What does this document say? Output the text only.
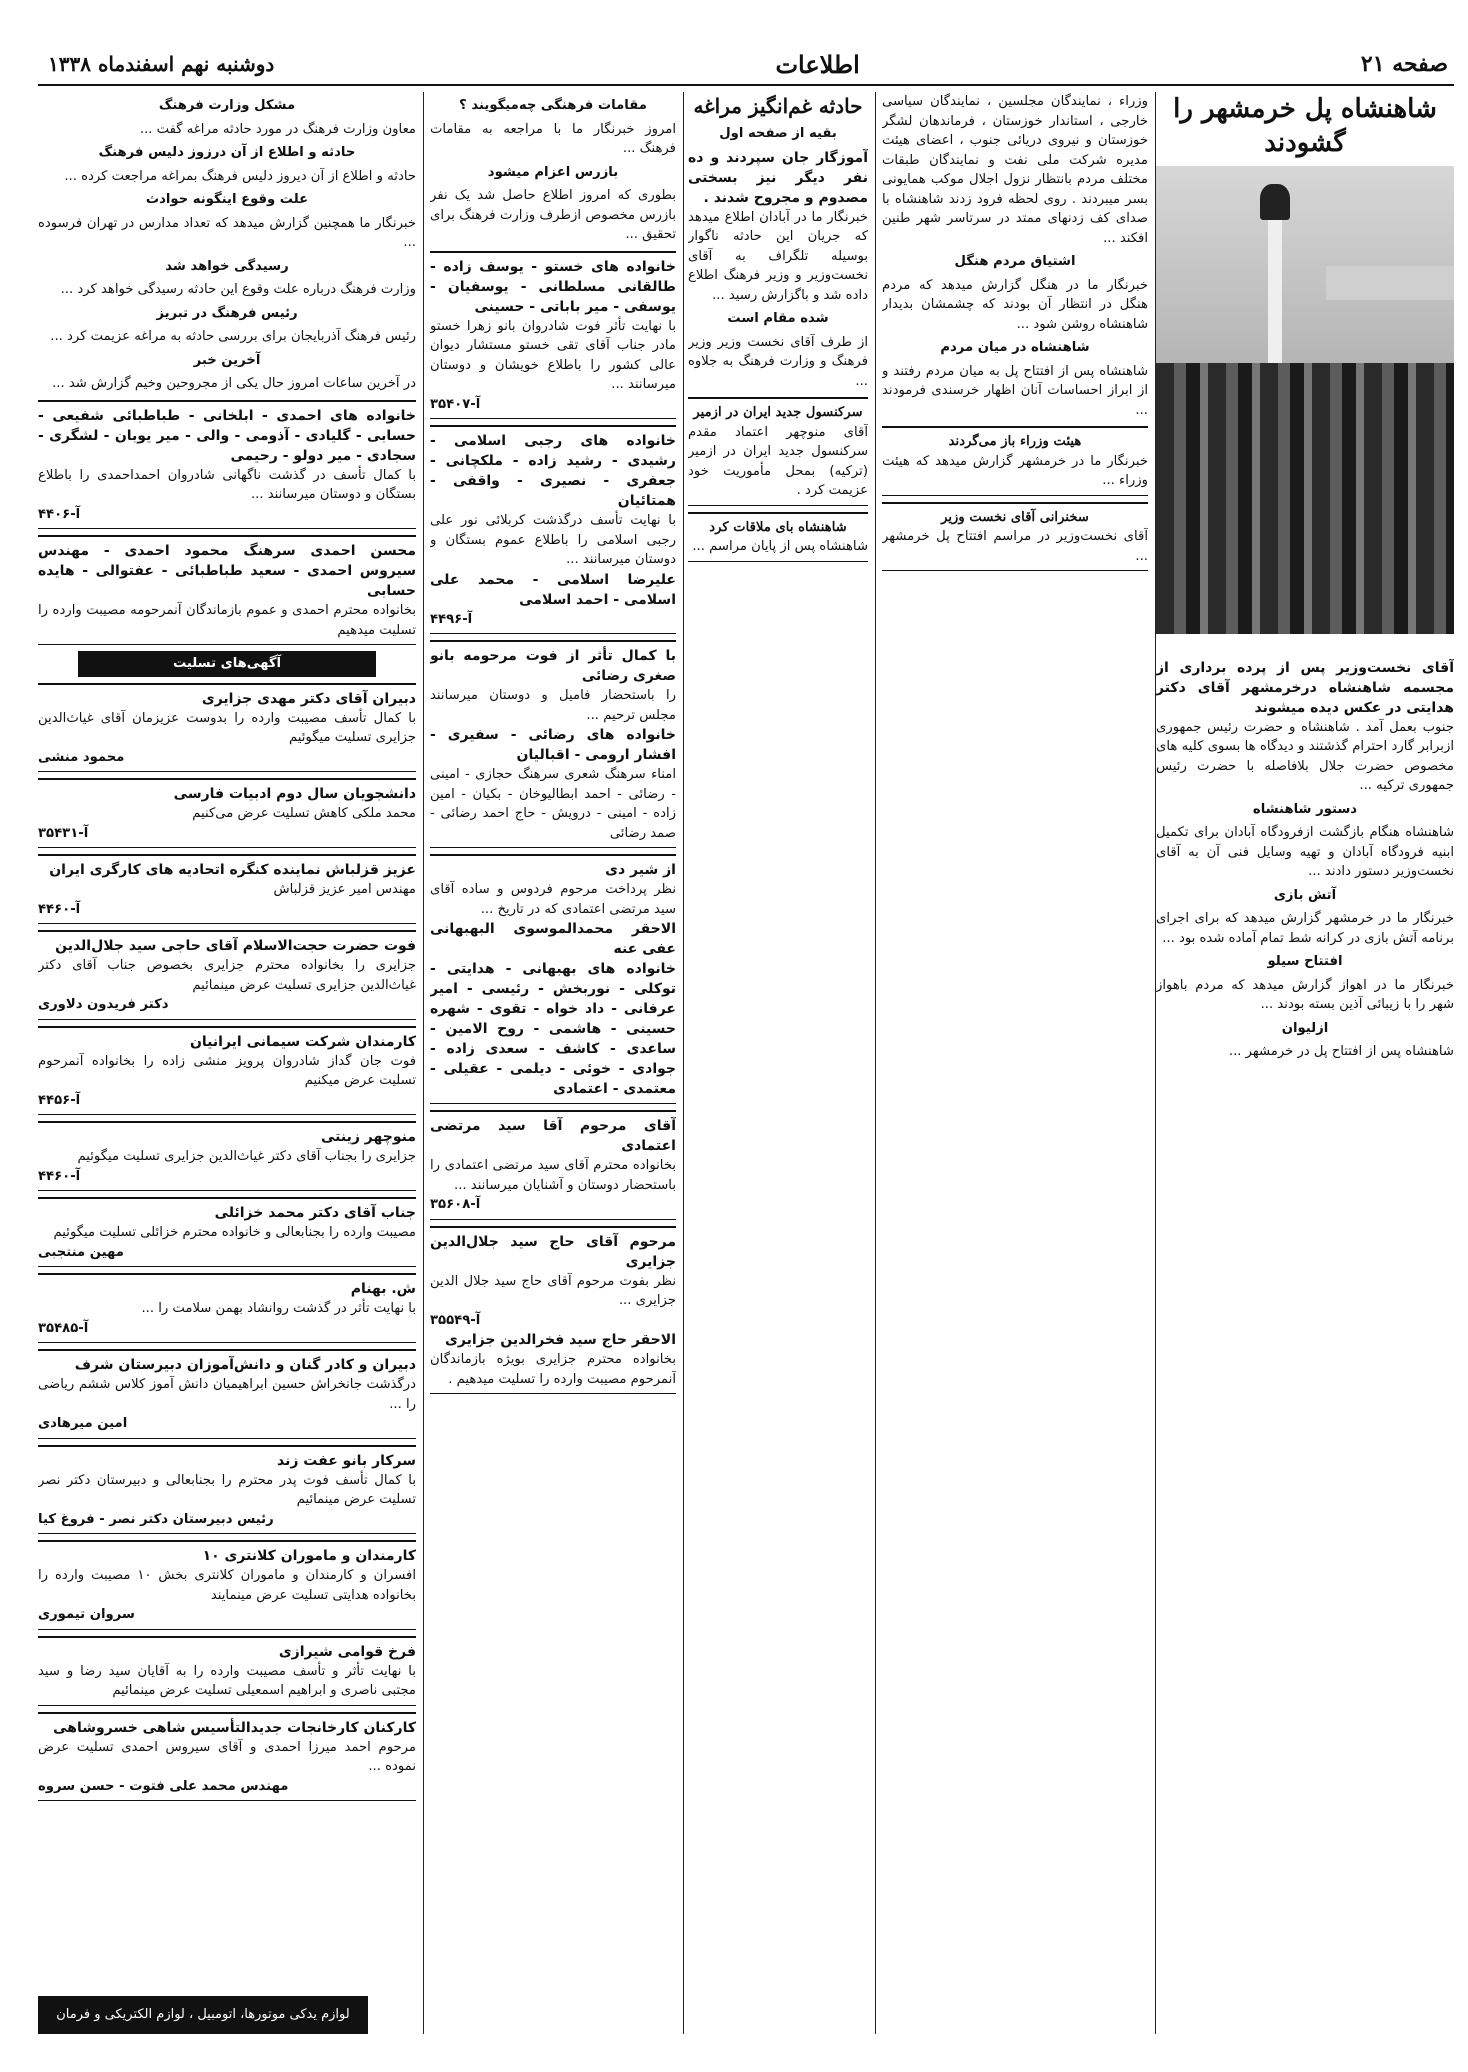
صفحه ۲۱
اطلاعات
دوشنبه نهم اسفندماه ۱۳۳۸
شاهنشاه پل خرمشهر را گشودند
آقای نخست‌وزیر پس از پرده برداری از مجسمه شاهنشاه درخرمشهر آقای دکتر هدایتی در عکس دیده میشوند
جنوب بعمل آمد . شاهنشاه و حضرت رئیس جمهوری ازبرابر گارد احترام گذشتند و دیدگاه ها بسوی کلیه های مخصوص حضرت جلال بلافاصله با حضرت رئیس جمهوری ترکیه ...
دستور شاهنشاه
شاهنشاه هنگام بازگشت ازفرودگاه آبادان برای تکمیل ابنیه فرودگاه آبادان و تهیه وسایل فنی آن به آقای نخست‌وزیر دستور دادند ...
آتش بازی
خبرنگار ما در خرمشهر گزارش میدهد که برای اجرای برنامه آتش بازی در کرانه شط تمام آماده شده بود ...
افتتاح سیلو
خبرنگار ما در اهواز گزارش میدهد که مردم باهواز شهر را با زیبائی آذین بسته بودند ...
ازلیوان
شاهنشاه پس از افتتاح پل در خرمشهر ...
وزراء ، نمایندگان مجلسین ، نمایندگان سیاسی خارجی ، استاندار خوزستان ، فرماندهان لشگر خوزستان و نیروی دریائی جنوب ، اعضای هیئت مدیره شرکت ملی نفت و نمایندگان طبقات مختلف مردم بانتظار نزول اجلال موکب همایونی بسر میبردند . روی لحظه فرود زدند شاهنشاه با صدای کف زدنهای ممتد در سرتاسر شهر طنین افکند ...
اشتیاق مردم هنگل
خبرنگار ما در هنگل گزارش میدهد که مردم هنگل در انتظار آن بودند که چشمشان بدیدار شاهنشاه روشن شود ...
شاهنشاه در میان مردم
شاهنشاه پس از افتتاح پل به میان مردم رفتند و از ابراز احساسات آنان اظهار خرسندی فرمودند ...
هیئت وزراء باز می‌گردند
خبرنگار ما در خرمشهر گزارش میدهد که هیئت وزراء ...
سخنرانی آقای نخست وزیر
آقای نخست‌وزیر در مراسم افتتاح پل خرمشهر ...
حادثه غم‌انگیز مراغه
بقیه از صفحه اول
آموزگار جان سپردند و ده نفر دیگر نیز بسختی مصدوم و مجروح شدند .
خبرنگار ما در آبادان اطلاع میدهد که جریان این حادثه ناگوار بوسیله تلگراف به آقای نخست‌وزیر و وزیر فرهنگ اطلاع داده شد و باگزارش رسید ...
شده مقام است
از طرف آقای نخست وزیر وزیر فرهنگ و وزارت فرهنگ به جلاوه ...
سرکنسول جدید ایران در ازمیر
آقای منوچهر اعتماد مقدم سرکنسول جدید ایران در ازمیر (ترکیه) بمحل مأموریت خود عزیمت کرد .
شاهنشاه بای ملاقات کرد
شاهنشاه پس از پایان مراسم ...
مقامات فرهنگی چه‌میگویند ؟
امروز خبرنگار ما با مراجعه به مقامات فرهنگ ...
بازرس اعزام میشود
بطوری که امروز اطلاع حاصل شد یک نفر بازرس مخصوص ازطرف وزارت فرهنگ برای تحقیق ...
خانواده های خستو - یوسف زاده - طالقانی مسلطانی - یوسفیان - یوسفی - میر باباتی - حسینی
با نهایت تأثر فوت شادروان بانو زهرا خستو مادر جناب آقای تقی خستو مستشار دیوان عالی کشور را باطلاع خویشان و دوستان میرسانند ...
آ-۳۵۴۰۷
خانواده های رجبی اسلامی - رشیدی - رشید زاده - ملکچانی - جعفری - نصیری - واقفی - همتائیان
با نهایت تأسف درگذشت کربلائی نور علی رجبی اسلامی را باطلاع عموم بستگان و دوستان میرسانند ...
علیرضا اسلامی - محمد علی اسلامی - احمد اسلامی
آ-۴۴۹۶
با کمال تأثر از فوت مرحومه بانو صغری رضائی
را باستحضار فامیل و دوستان میرسانند مجلس ترحیم ...
خانواده های رضائی - سفیری - افشار ارومی - اقبالیان
امناء سرهنگ شعری سرهنگ حجازی - امینی - رضائی - احمد ابطالیوخان - بکیان - امین زاده - امینی - درویش - حاج احمد رضائی - صمد رضائی
از شیر دی
نظر پرداخت مرحوم فردوس و ساده آقای سید مرتضی اعتمادی که در تاریخ ...
الاحقر محمدالموسوی البهبهانی عفی عنه
خانواده های بهبهانی - هدایتی - توکلی - نوربخش - رئیسی - امیر عرفانی - داد خواه - تقوی - شهره حسینی - هاشمی - روح الامین - ساعدی - کاشف - سعدی زاده - جوادی - خوئی - دیلمی - عقیلی - معتمدی - اعتمادی
آقای مرحوم آقا سید مرتضی اعتمادی
بخانواده محترم آقای سید مرتضی اعتمادی را باستحضار دوستان و آشنایان میرسانند ...
آ-۳۵۶۰۸
مرحوم آقای حاج سید جلال‌الدین جزایری
نظر بفوت مرحوم آقای حاج سید جلال الدین جزایری ...
آ-۳۵۵۴۹
الاحقر حاج سید فخرالدین جزایری
بخانواده محترم جزایری بویژه بازماندگان آنمرحوم مصیبت وارده را تسلیت میدهیم .
مشکل وزارت فرهنگ
معاون وزارت فرهنگ در مورد حادثه مراغه گفت ...
حادثه و اطلاع از آن درزوز دلیس فرهنگ
حادثه و اطلاع از آن دیروز دلیس فرهنگ بمراغه مراجعت کرده ...
علت وقوع اینگونه حوادث
خبرنگار ما همچنین گزارش میدهد که تعداد مدارس در تهران فرسوده ...
رسیدگی خواهد شد
وزارت فرهنگ درباره علت وقوع این حادثه رسیدگی خواهد کرد ...
رئیس فرهنگ در تبریز
رئیس فرهنگ آذربایجان برای بررسی حادثه به مراغه عزیمت کرد ...
آخرین خبر
در آخرین ساعات امروز حال یکی از مجروحین وخیم گزارش شد ...
خانواده های احمدی - ابلخانی - طباطبائی شفیعی - حسابی - گلیادی - آذومی - والی - میر یوبان - لشگری - سجادی - میر دولو - رحیمی
با کمال تأسف در گذشت ناگهانی شادروان احمداحمدی را باطلاع بستگان و دوستان میرسانند ...
آ-۴۴۰۶
محسن احمدی سرهنگ محمود احمدی - مهندس سیروس احمدی - سعید طباطبائی - عفتوالی - هایده حسابی
بخانواده محترم احمدی و عموم بازماندگان آنمرحومه مصیبت وارده را تسلیت میدهیم
آگهی‌های تسلیت
دبیران آقای دکتر مهدی جزایری
با کمال تأسف مصیبت وارده را بدوست عزیزمان آقای غیاث‌الدین جزایری تسلیت میگوئیم
محمود منشی
دانشجویان سال دوم ادبیات فارسی
محمد ملکی کاهش تسلیت عرض می‌کنیم
آ-۳۵۴۳۱
عزیز قزلباش نماینده کنگره اتحادیه های کارگری ایران
مهندس امیر عزیز قزلباش
آ-۴۴۶۰
فوت حضرت حجت‌الاسلام آقای حاجی سید جلال‌الدین
جزایری را بخانواده محترم جزایری بخصوص جناب آقای دکتر غیاث‌الدین جزایری تسلیت عرض مینمائیم
دکتر فریدون دلاوری
کارمندان شرکت سیمانی ایرانیان
فوت جان گداز شادروان پرویز منشی زاده را بخانواده آنمرحوم تسلیت عرض میکنیم
آ-۴۴۵۶
منوچهر زینتی
جزایری را بجناب آقای دکتر غیاث‌الدین جزایری تسلیت میگوئیم
آ-۴۴۶۰
جناب آقای دکتر محمد خزائلی
مصیبت وارده را بجنابعالی و خانواده محترم خزائلی تسلیت میگوئیم
مهین منتجبی
ش. بهنام
با نهایت تأثر در گذشت روانشاد بهمن سلامت را ...
آ-۳۵۴۸۵
دبیران و کادر گنان و دانش‌آموزان دبیرستان شرف
درگذشت جانخراش حسین ابراهیمیان دانش آموز کلاس ششم ریاضی را ...
امین میرهادی
سرکار بانو عفت زند
با کمال تأسف فوت پدر محترم را بجنابعالی و دبیرستان دکتر نصر تسلیت عرض مینمائیم
رئیس دبیرستان دکتر نصر - فروغ کیا
کارمندان و ماموران کلانتری ۱۰
افسران و کارمندان و ماموران کلانتری بخش ۱۰ مصیبت وارده را بخانواده هدایتی تسلیت عرض مینمایند
سروان تیموری
فرخ قوامی شیرازی
با نهایت تأثر و تأسف مصیبت وارده را به آقایان سید رضا و سید مجتبی ناصری و ابراهیم اسمعیلی تسلیت عرض مینمائیم
کارکنان کارخانجات جدیدالتأسیس شاهی خسروشاهی
مرحوم احمد میرزا احمدی و آقای سیروس احمدی تسلیت عرض نموده ...
مهندس محمد علی فتوت - حسن سروه
لوازم یدکی موتورها، اتومبیل ، لوازم الکتریکی و فرمان اتومبیل
